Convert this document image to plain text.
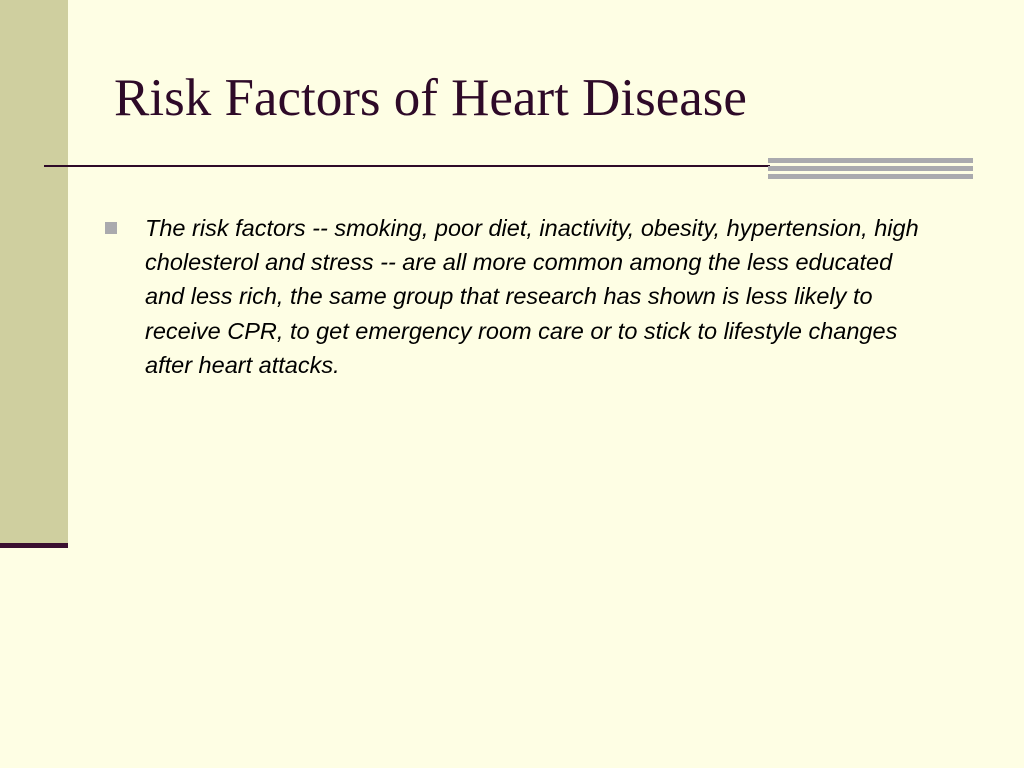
Risk Factors of Heart Disease
The risk factors -- smoking, poor diet, inactivity, obesity, hypertension, high cholesterol and stress -- are all more common among the less educated and less rich, the same group that research has shown is less likely to receive CPR, to get emergency room care or to stick to lifestyle changes after heart attacks.
